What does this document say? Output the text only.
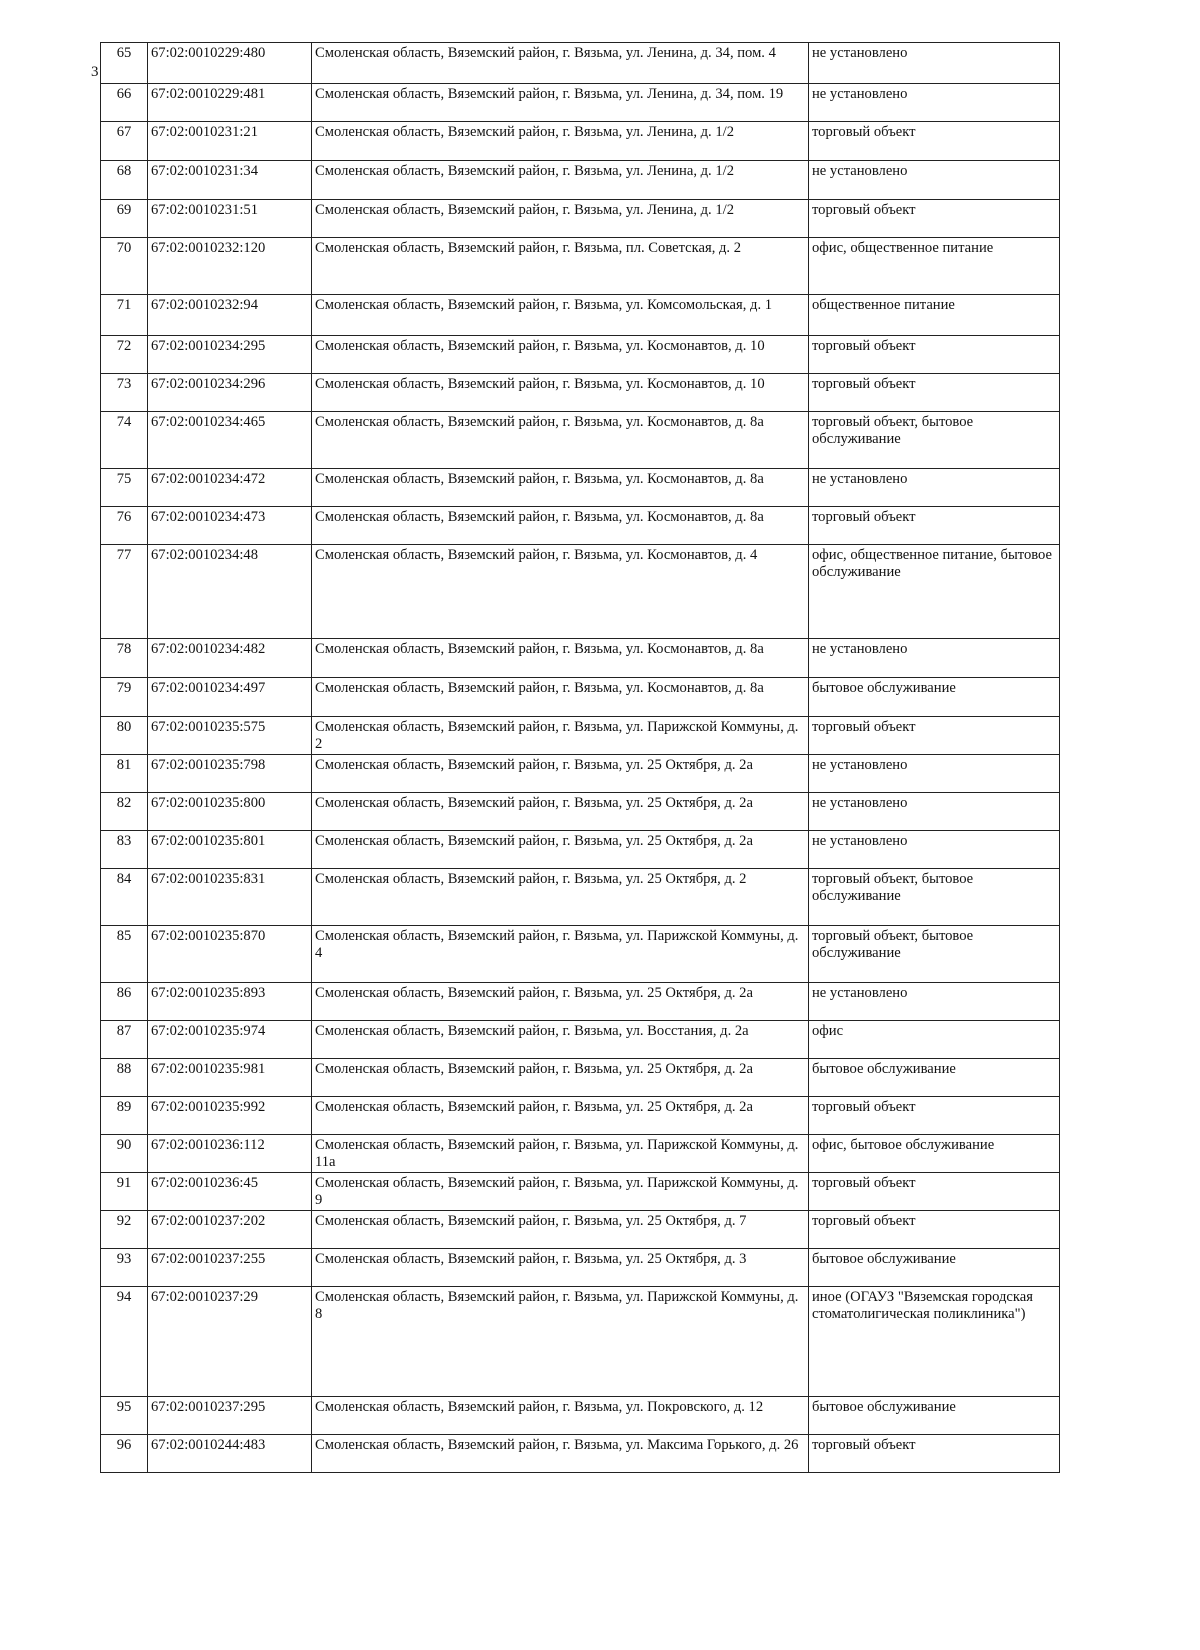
3
65	67:02:0010229:480	Смоленская область, Вяземский район, г. Вязьма, ул. Ленина, д. 34, пом. 4	не установлено
66	67:02:0010229:481	Смоленская область, Вяземский район, г. Вязьма, ул. Ленина, д. 34, пом. 19	не установлено
67	67:02:0010231:21	Смоленская область, Вяземский район, г. Вязьма, ул. Ленина, д. 1/2	торговый объект
68	67:02:0010231:34	Смоленская область, Вяземский район, г. Вязьма, ул. Ленина, д. 1/2	не установлено
69	67:02:0010231:51	Смоленская область, Вяземский район, г. Вязьма, ул. Ленина, д. 1/2	торговый объект
70	67:02:0010232:120	Смоленская область, Вяземский район, г. Вязьма, пл. Советская, д. 2	офис, общественное питание
71	67:02:0010232:94	Смоленская область, Вяземский район, г. Вязьма, ул. Комсомольская, д. 1	общественное питание
72	67:02:0010234:295	Смоленская область, Вяземский район, г. Вязьма, ул. Космонавтов, д. 10	торговый объект
73	67:02:0010234:296	Смоленская область, Вяземский район, г. Вязьма, ул. Космонавтов, д. 10	торговый объект
74	67:02:0010234:465	Смоленская область, Вяземский район, г. Вязьма, ул. Космонавтов, д. 8а	торговый объект, бытовое обслуживание
75	67:02:0010234:472	Смоленская область, Вяземский район, г. Вязьма, ул. Космонавтов, д. 8а	не установлено
76	67:02:0010234:473	Смоленская область, Вяземский район, г. Вязьма, ул. Космонавтов, д. 8а	торговый объект
77	67:02:0010234:48	Смоленская область, Вяземский район, г. Вязьма, ул. Космонавтов, д. 4	офис, общественное питание, бытовое обслуживание
78	67:02:0010234:482	Смоленская область, Вяземский район, г. Вязьма, ул. Космонавтов, д. 8а	не установлено
79	67:02:0010234:497	Смоленская область, Вяземский район, г. Вязьма, ул. Космонавтов, д. 8а	бытовое обслуживание
80	67:02:0010235:575	Смоленская область, Вяземский район, г. Вязьма, ул. Парижской Коммуны, д. 2	торговый объект
81	67:02:0010235:798	Смоленская область, Вяземский район, г. Вязьма, ул. 25 Октября, д. 2а	не установлено
82	67:02:0010235:800	Смоленская область, Вяземский район, г. Вязьма, ул. 25 Октября, д. 2а	не установлено
83	67:02:0010235:801	Смоленская область, Вяземский район, г. Вязьма, ул. 25 Октября, д. 2а	не установлено
84	67:02:0010235:831	Смоленская область, Вяземский район, г. Вязьма, ул. 25 Октября, д. 2	торговый объект, бытовое обслуживание
85	67:02:0010235:870	Смоленская область, Вяземский район, г. Вязьма, ул. Парижской Коммуны, д. 4	торговый объект, бытовое обслуживание
86	67:02:0010235:893	Смоленская область, Вяземский район, г. Вязьма, ул. 25 Октября, д. 2а	не установлено
87	67:02:0010235:974	Смоленская область, Вяземский район, г. Вязьма, ул. Восстания, д. 2а	офис
88	67:02:0010235:981	Смоленская область, Вяземский район, г. Вязьма, ул. 25 Октября, д. 2а	бытовое обслуживание
89	67:02:0010235:992	Смоленская область, Вяземский район, г. Вязьма, ул. 25 Октября, д. 2а	торговый объект
90	67:02:0010236:112	Смоленская область, Вяземский район, г. Вязьма, ул. Парижской Коммуны, д. 11а	офис, бытовое обслуживание
91	67:02:0010236:45	Смоленская область, Вяземский район, г. Вязьма, ул. Парижской Коммуны, д. 9	торговый объект
92	67:02:0010237:202	Смоленская область, Вяземский район, г. Вязьма, ул. 25 Октября, д. 7	торговый объект
93	67:02:0010237:255	Смоленская область, Вяземский район, г. Вязьма, ул. 25 Октября, д. 3	бытовое обслуживание
94	67:02:0010237:29	Смоленская область, Вяземский район, г. Вязьма, ул. Парижской Коммуны, д. 8	иное (ОГАУЗ "Вяземская городская стоматолигическая поликлиника")
95	67:02:0010237:295	Смоленская область, Вяземский район, г. Вязьма, ул. Покровского, д. 12	бытовое обслуживание
96	67:02:0010244:483	Смоленская область, Вяземский район, г. Вязьма, ул. Максима Горького, д. 26	торговый объект
